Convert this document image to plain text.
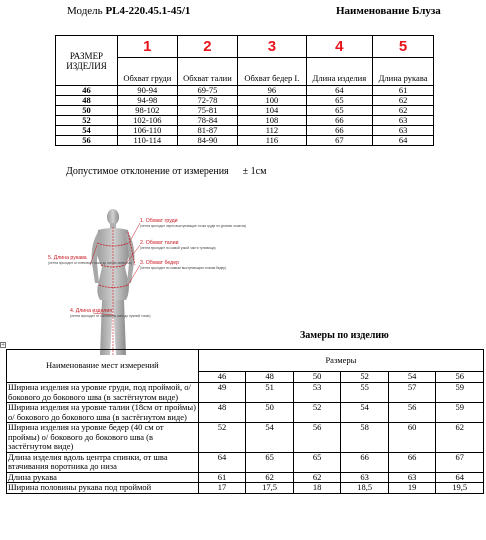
Модель PL4-220.45.1-45/1	Наименование Блуза
РАЗМЕР ИЗДЕЛИЯ	1	2	3	4	5
	Обхват груди	Обхват талии	Обхват бедер I.	Длина изделия	Длина рукава
46	90-94	69-75	96	64	61
48	94-98	72-78	100	65	62
50	98-102	75-81	104	65	62
52	102-106	78-84	108	66	63
54	106-110	81-87	112	66	63
56	110-114	84-90	116	67	64
Допустимое отклонение от измерения ± 1см
1. Обхват груди
(лента проходит через выступающие точки груди по уровню лопаток)
2. Обхват талии
(лента проходит по самой узкой части туловища)
3. Обхват бедер
(лента проходит по самым выступающим точкам бедер)
5. Длина рукава
(лента проходит от плечевой точки до линии запястья)
4. Длина изделия
(лента проходит от основания шеи до нужной точки)
Замеры по изделию
+
Наименование мест измерений	Размеры					
	46	48	50	52	54	56
Ширина изделия на уровне груди, под проймой, o/ бокового до бокового шва (в застёгнутом виде)	49	51	53	55	57	59
Ширина изделия на уровне талии (18см от проймы) o/ бокового до бокового шва (в застёгнутом виде)	48	50	52	54	56	59
Ширина изделия на уровне бедер (40 см от проймы) o/ бокового до бокового шва (в застёгнутом виде)	52	54	56	58	60	62
Длина изделия вдоль центра спинки, от шва втачивания воротника до низа	64	65	65	66	66	67
Длина рукава	61	62	62	63	63	64
Ширина половины рукава под проймой	17	17,5	18	18,5	19	19,5
